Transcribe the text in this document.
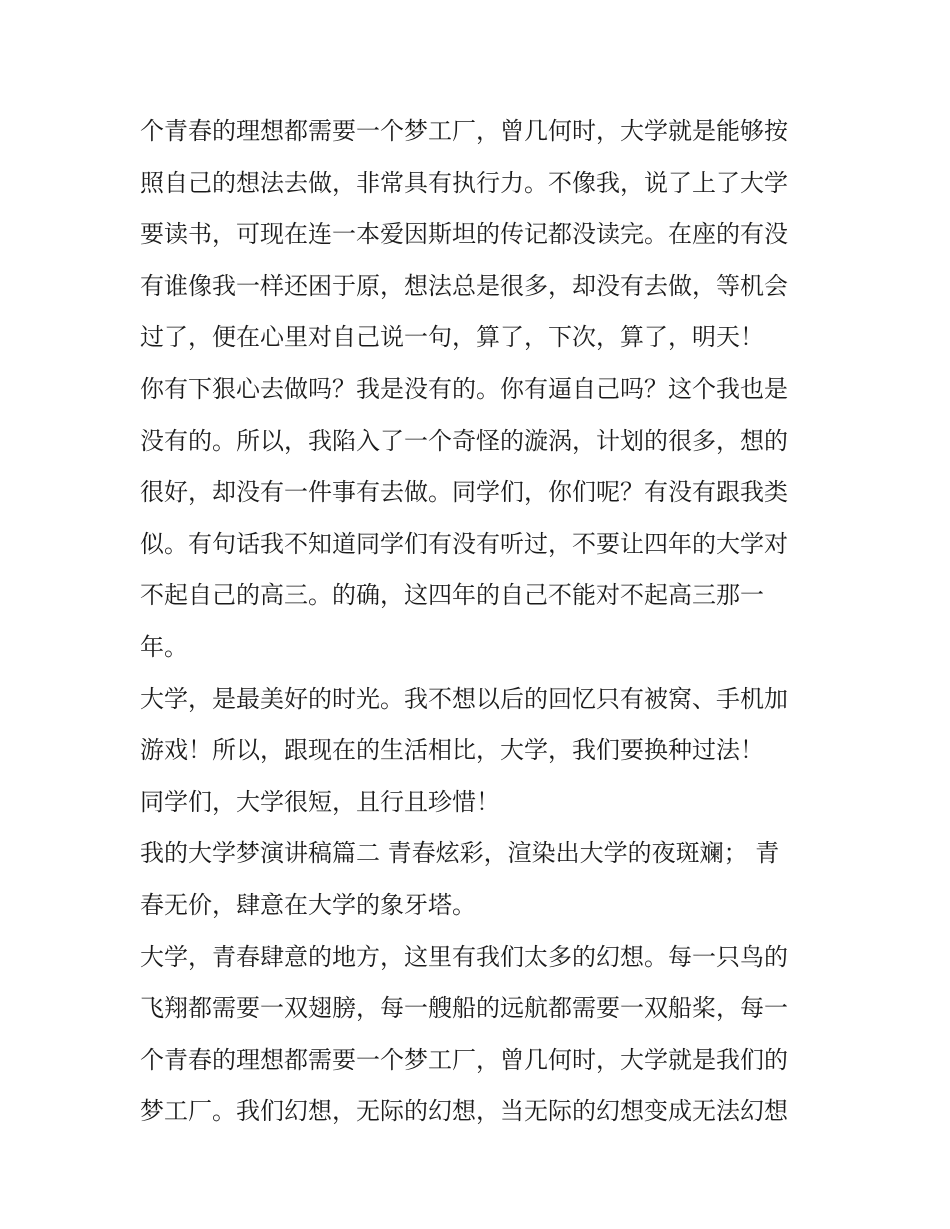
个青春的理想都需要一个梦工厂，曾几何时，大学就是能够按
照自己的想法去做，非常具有执行力。不像我，说了上了大学
要读书，可现在连一本爱因斯坦的传记都没读完。在座的有没
有谁像我一样还困于原，想法总是很多，却没有去做，等机会
过了，便在心里对自己说一句，算了，下次，算了，明天！
你有下狠心去做吗？我是没有的。你有逼自己吗？这个我也是
没有的。所以，我陷入了一个奇怪的漩涡，计划的很多，想的
很好，却没有一件事有去做。同学们，你们呢？有没有跟我类
似。有句话我不知道同学们有没有听过，不要让四年的大学对
不起自己的高三。的确，这四年的自己不能对不起高三那一
年。
大学，是最美好的时光。我不想以后的回忆只有被窝、手机加
游戏！所以，跟现在的生活相比，大学，我们要换种过法！
同学们，大学很短，且行且珍惜！
我的大学梦演讲稿篇二 青春炫彩，渲染出大学的夜斑斓； 青
春无价，肆意在大学的象牙塔。
大学，青春肆意的地方，这里有我们太多的幻想。每一只鸟的
飞翔都需要一双翅膀，每一艘船的远航都需要一双船桨，每一
个青春的理想都需要一个梦工厂，曾几何时，大学就是我们的
梦工厂。我们幻想，无际的幻想，当无际的幻想变成无法幻想
